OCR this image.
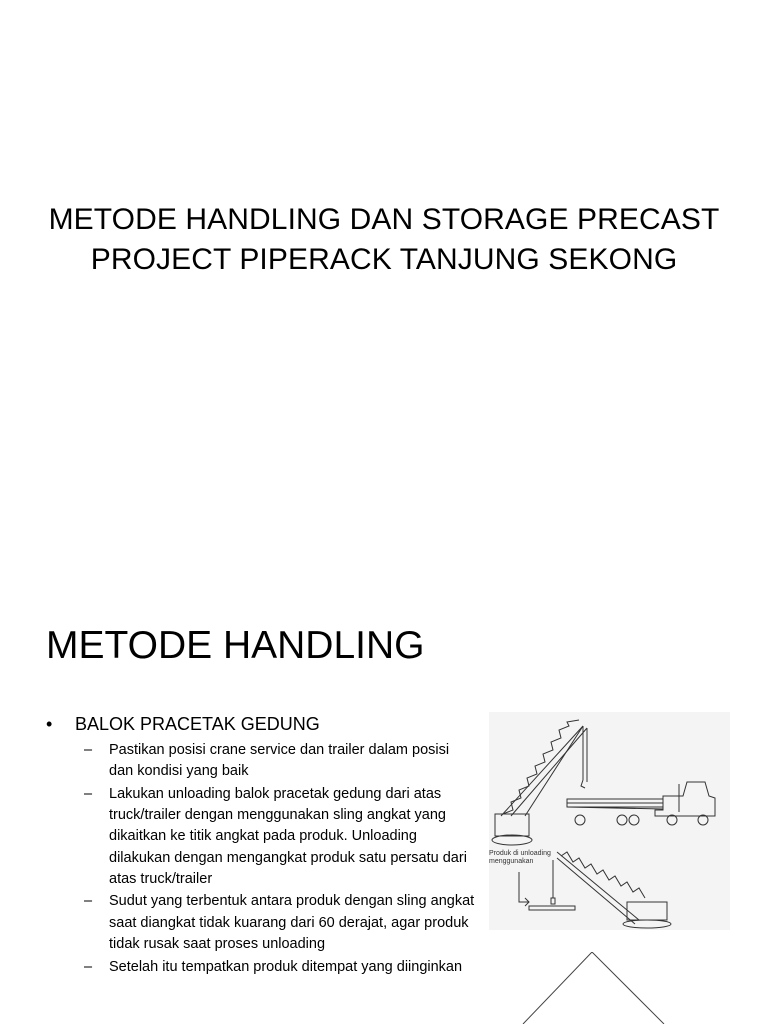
METODE HANDLING DAN STORAGE PRECAST
PROJECT PIPERACK TANJUNG SEKONG
METODE HANDLING
• BALOK PRACETAK GEDUNG
– Pastikan posisi crane service dan trailer dalam posisi dan kondisi yang baik
– Lakukan unloading balok pracetak gedung dari atas truck/trailer dengan menggunakan sling angkat yang dikaitkan ke titik angkat pada produk. Unloading dilakukan dengan mengangkat produk satu persatu dari atas truck/trailer
– Sudut yang terbentuk antara produk dengan sling angkat saat diangkat tidak kuarang dari 60 derajat, agar produk tidak rusak saat proses unloading
– Setelah itu tempatkan produk ditempat yang diinginkan
Produk di unloading menggunakan
